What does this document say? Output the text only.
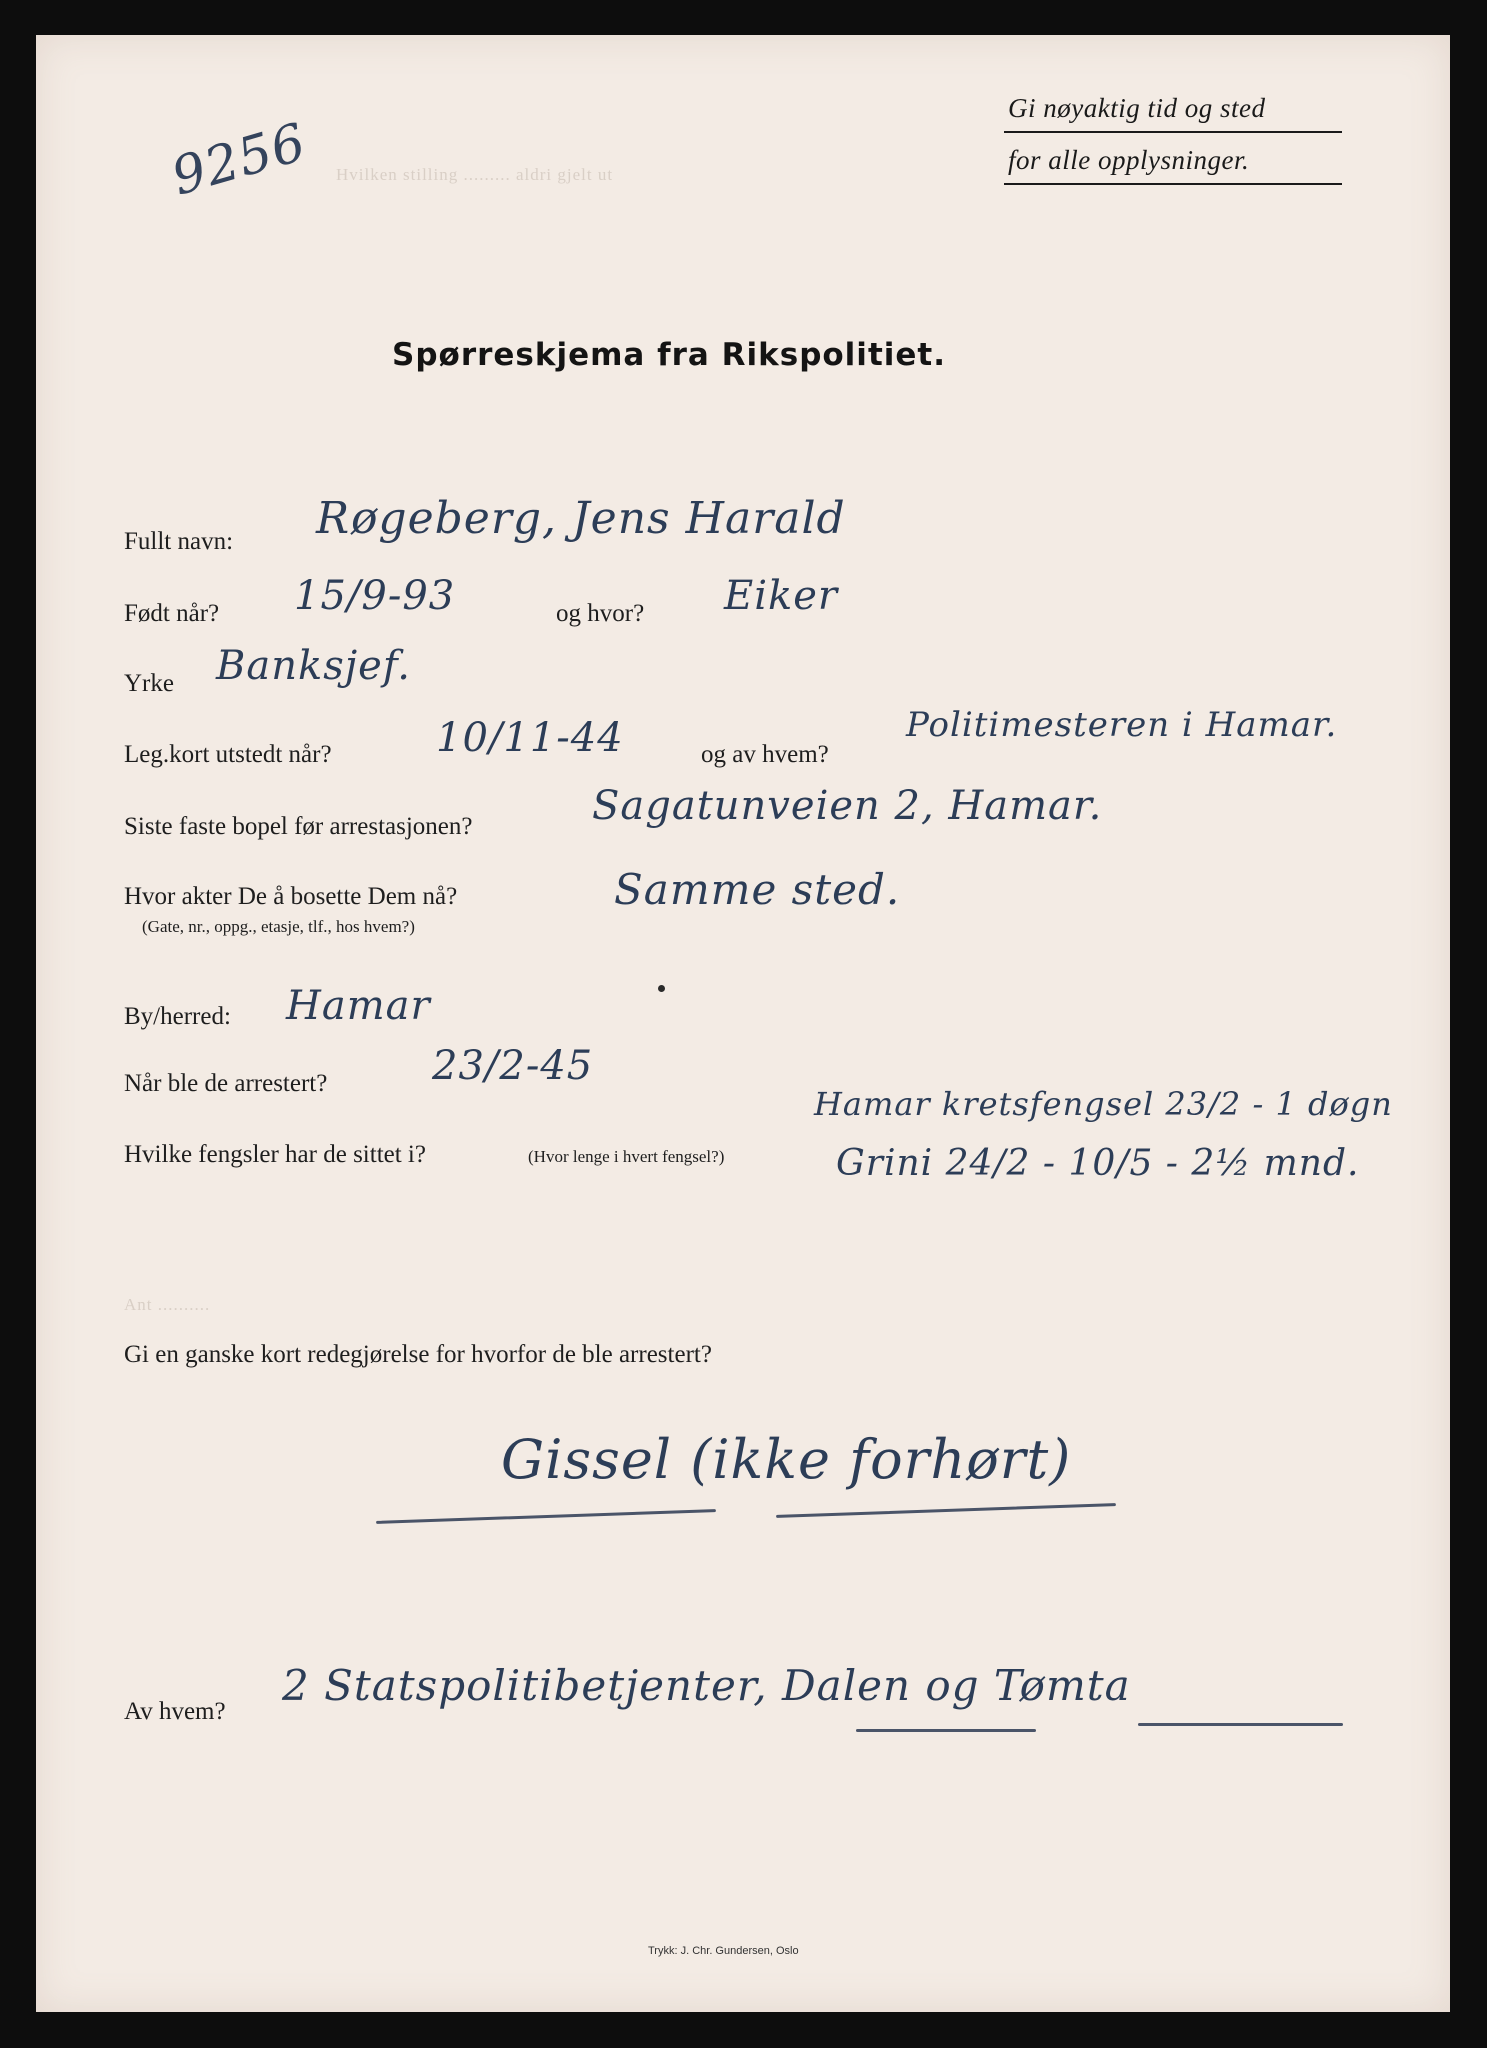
9256
Gi nøyaktig tid og sted
for alle opplysninger.
Hvilken stilling ......... aldri gjelt ut
Spørreskjema fra Rikspolitiet.
Fullt navn: Røgeberg, Jens Harald
Født når? 15/9-93	og hvor? Eiker
Yrke Banksjef.
Leg.kort utstedt når?	10/11-44	og av hvem?
Politimesteren i Hamar.
Siste faste bopel før arrestasjonen?	Sagatunveien 2, Hamar.
Hvor akter De å bosette Dem nå?
(Gate, nr., oppg., etasje, tlf., hos hvem?)
Samme sted.
By/herred: Hamar
Når ble de arrestert?	23/2-45
Hvilke fengsler har de sittet i?	(Hvor lenge i hvert fengsel?)
Hamar kretsfengsel 23/2 - 1 døgn
Grini 24/2 - 10/5 - 2½ mnd.
Ant ..........
Gi en ganske kort redegjørelse for hvorfor de ble arrestert?
Gissel (ikke forhørt)
Av hvem?
2 Statspolitibetjenter, Dalen og Tømta
Trykk: J. Chr. Gundersen, Oslo
